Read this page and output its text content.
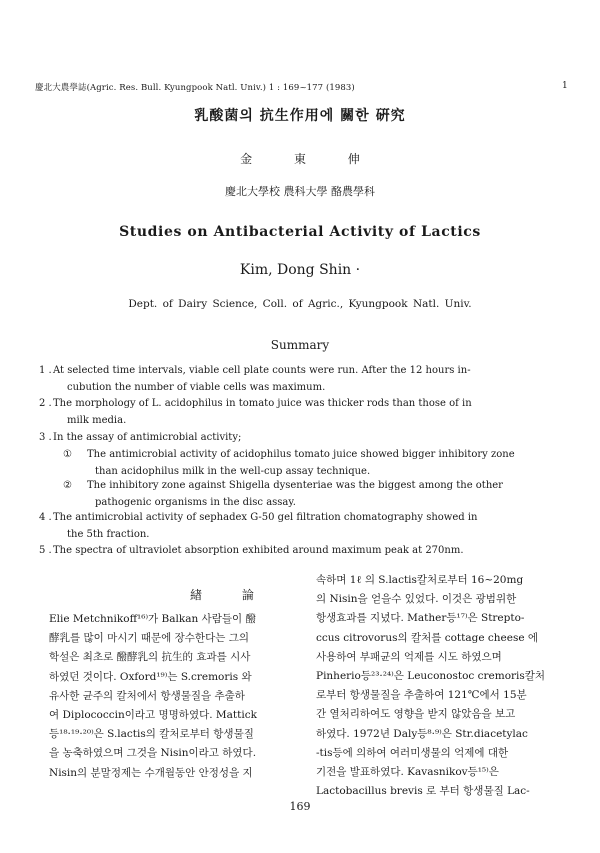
慶北大農學誌(Agric. Res. Bull. Kyungpook Natl. Univ.) 1 : 169~177 (1983)	1
乳酸菌의 抗生作用에 關한 硏究
金 東 伸
慶北大學校 農科大學 酪農學科
Studies on Antibacterial Activity of Lactics
Kim, Dong Shin ·
Dept. of Dairy Science, Coll. of Agric., Kyungpook Natl. Univ.
Summary
1 . At selected time intervals, viable cell plate counts were run. After the 12 hours in-
cubution the number of viable cells was maximum.
2 . The morphology of L. acidophilus in tomato juice was thicker rods than those of in
milk media.
3 . In the assay of antimicrobial activity;
① The antimicrobial activity of acidophilus tomato juice showed bigger inhibitory zone
than acidophilus milk in the well-cup assay technique.
② The inhibitory zone against Shigella dysenteriae was the biggest among the other
pathogenic organisms in the disc assay.
4 . The antimicrobial activity of sephadex G-50 gel filtration chomatography showed in
the 5th fraction.
5 . The spectra of ultraviolet absorption exhibited around maximum peak at 270nm.
緖 論
Elie Metchnikoff¹⁶⁾가 Balkan 사람들이 醱
酵乳를 많이 마시기 때문에 장수한다는 그의
학설은 최초로 醱酵乳의 抗生的 효과를 시사
하였던 것이다. Oxford¹⁹⁾는 S.cremoris 와
유사한 균주의 칼처에서 항생물질을 추출하
여 Diplococcin이라고 명명하였다. Mattick
등¹⁸·¹⁹·²⁰⁾은 S.lactis의 칼처로부터 항생물질
을 농축하였으며 그것을 Nisin이라고 하였다.
Nisin의 분말정제는 수개월동안 안정성을 지
속하며 1ℓ 의 S.lactis칼처로부터 16~20mg
의 Nisin을 얻을수 있었다. 이것은 광범위한
항생효과를 지녔다. Mather등¹⁷⁾은 Strepto-
ccus citrovorus의 칼처를 cottage cheese 에
사용하여 부패균의 억제를 시도 하였으며
Pinherio등²³·²⁴⁾은 Leuconostoc cremoris칼처
로부터 항생물질을 추출하여 121℃에서 15분
간 열처리하여도 영향을 받지 않았음을 보고
하였다. 1972년 Daly등⁸·⁹⁾은 Str.diacetylac
-tis등에 의하여 여러미생물의 억제에 대한
기전을 발표하였다. Kavasnikov등¹⁵⁾은
Lactobacillus brevis 로 부터 항생물질 Lac-
169
